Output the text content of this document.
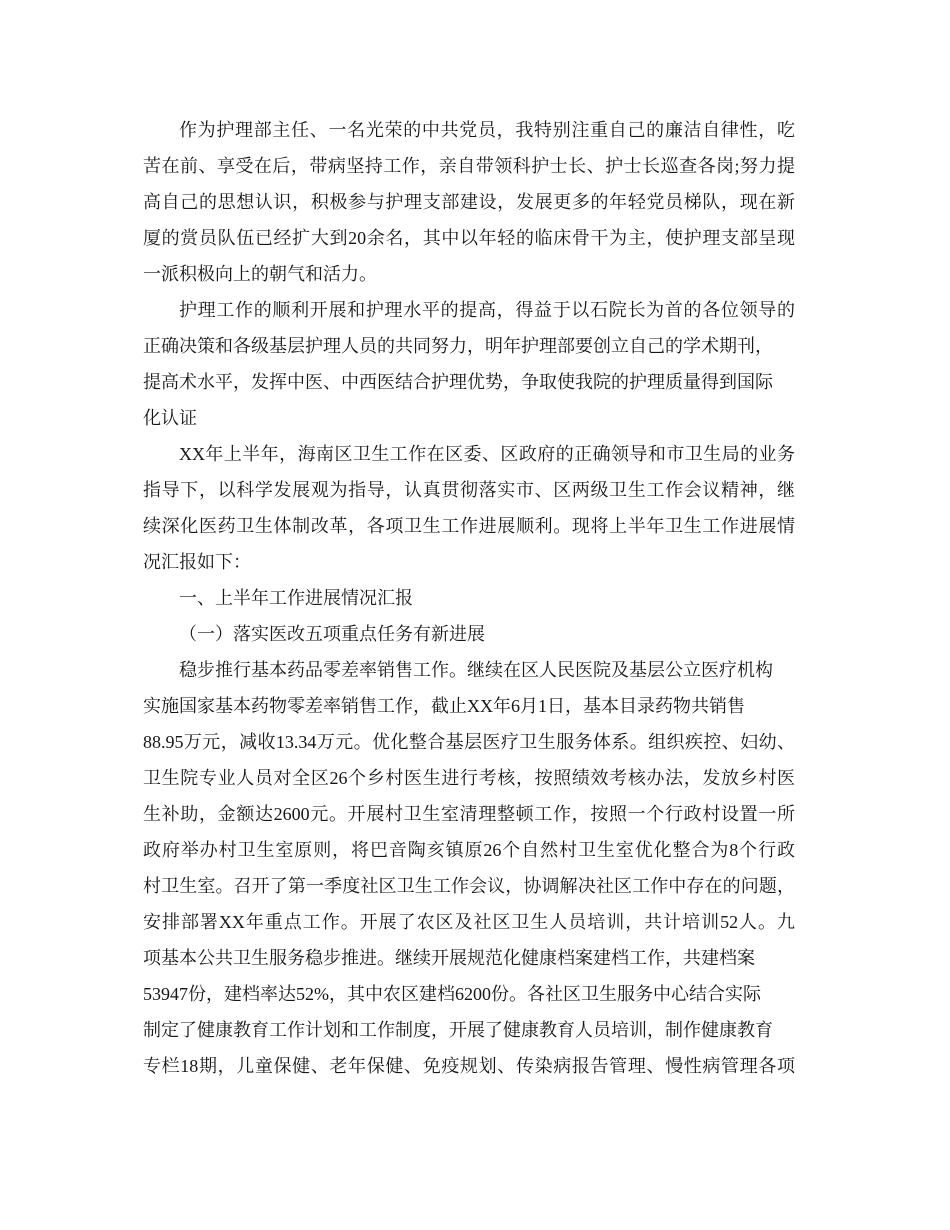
作为护理部主任、一名光荣的中共党员，我特别注重自己的廉洁自律性，吃
苦在前、享受在后，带病坚持工作，亲自带领科护士长、护士长巡查各岗;努力提
高自己的思想认识，积极参与护理支部建设，发展更多的年轻党员梯队，现在新
厦的赏员队伍已经扩大到20余名，其中以年轻的临床骨干为主，使护理支部呈现
一派积极向上的朝气和活力。
护理工作的顺利开展和护理水平的提高，得益于以石院长为首的各位领导的
正确决策和各级基层护理人员的共同努力，明年护理部要创立自己的学术期刊，
提高术水平，发挥中医、中西医结合护理优势，争取使我院的护理质量得到国际
化认证
XX年上半年，海南区卫生工作在区委、区政府的正确领导和市卫生局的业务
指导下，以科学发展观为指导，认真贯彻落实市、区两级卫生工作会议精神，继
续深化医药卫生体制改革，各项卫生工作进展顺利。现将上半年卫生工作进展情
况汇报如下：
一、上半年工作进展情况汇报
（一）落实医改五项重点任务有新进展
稳步推行基本药品零差率销售工作。继续在区人民医院及基层公立医疗机构
实施国家基本药物零差率销售工作，截止XX年6月1日，基本目录药物共销售
88.95万元，减收13.34万元。优化整合基层医疗卫生服务体系。组织疾控、妇幼、
卫生院专业人员对全区26个乡村医生进行考核，按照绩效考核办法，发放乡村医
生补助，金额达2600元。开展村卫生室清理整顿工作，按照一个行政村设置一所
政府举办村卫生室原则，将巴音陶亥镇原26个自然村卫生室优化整合为8个行政
村卫生室。召开了第一季度社区卫生工作会议，协调解决社区工作中存在的问题，
安排部署XX年重点工作。开展了农区及社区卫生人员培训，共计培训52人。九
项基本公共卫生服务稳步推进。继续开展规范化健康档案建档工作，共建档案
53947份，建档率达52%，其中农区建档6200份。各社区卫生服务中心结合实际
制定了健康教育工作计划和工作制度，开展了健康教育人员培训，制作健康教育
专栏18期，儿童保健、老年保健、免疫规划、传染病报告管理、慢性病管理各项
